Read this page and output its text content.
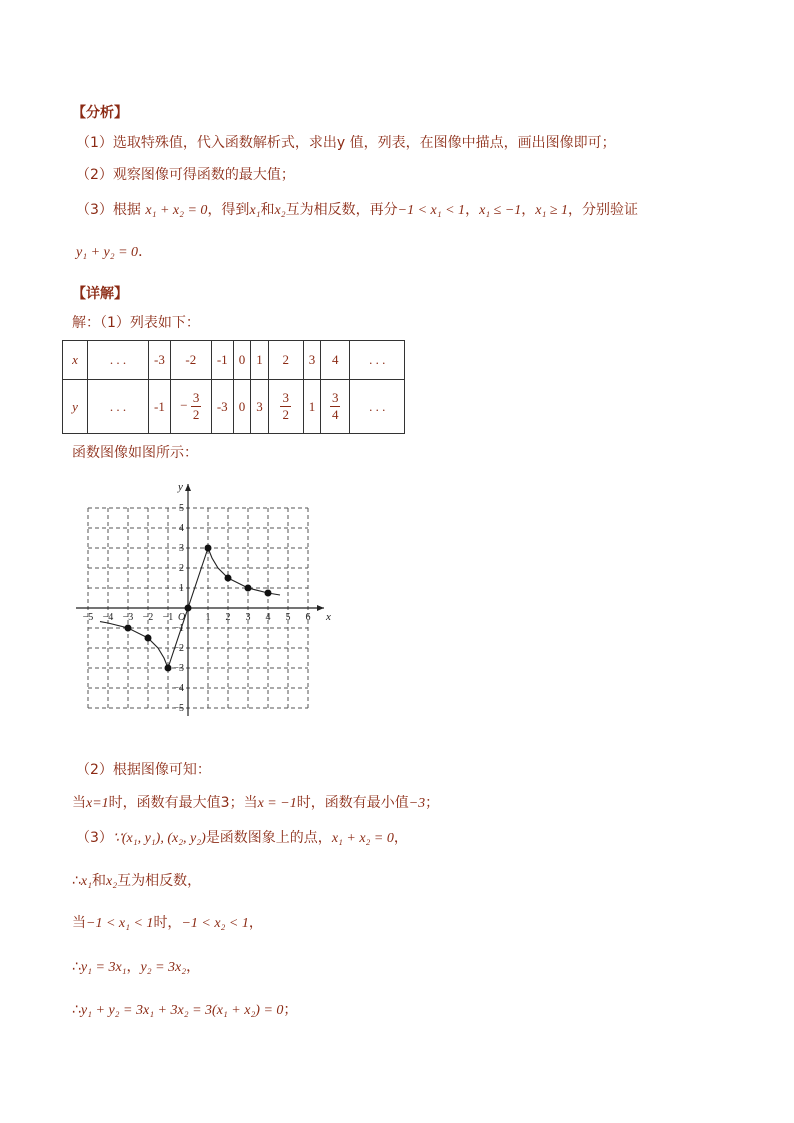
【分析】
（1）选取特殊值，代入函数解析式，求出y 值，列表，在图像中描点，画出图像即可；
（2）观察图像可得函数的最大值；
（3）根据 x₁ + x₂ = 0，得到x₁和x₂互为相反数，再分−1 < x₁ < 1，x₁ ≤ −1，x₁ ≥ 1，分别验证
y₁ + y₂ = 0．
【详解】
解：（1）列表如下：
x	. . .	-3	-2	-1	0	1	2	3	4	. . .
y	. . .	-1	− $\frac{3}{2}$	-3	0	3	$\frac{3}{2}$	1	$\frac{3}{4}$	. . .
函数图像如图所示：
x
y
O
−5 −4 −3 −2 −1	1 2 3 4 5 6
−5
−4
−3
−2
−1
1
2
3
4
5
（2）根据图像可知：
当x=1时，函数有最大值3；当x = −1时，函数有最小值−3；
（3）∵(x₁, y₁), (x₂, y₂)是函数图象上的点，x₁ + x₂ = 0，
∴x₁和x₂互为相反数，
当−1 < x₁ < 1时，−1 < x₂ < 1，
∴y₁ = 3x₁，y₂ = 3x₂，
∴y₁ + y₂ = 3x₁ + 3x₂ = 3(x₁ + x₂) = 0；
